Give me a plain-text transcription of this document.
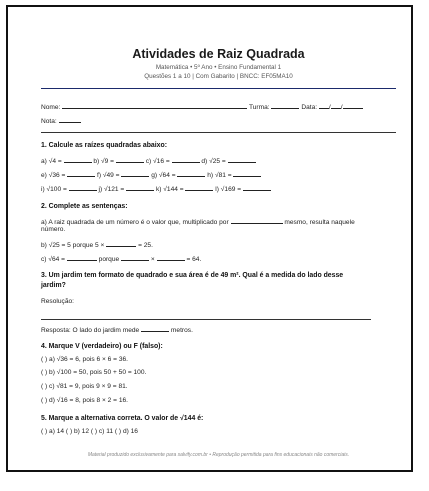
Atividades de Raiz Quadrada
Matemática • 5º Ano • Ensino Fundamental 1
Questões 1 a 10 | Com Gabarito | BNCC: EF05MA10
Nome:	Turma:	Data: / /
Nota:
1. Calcule as raízes quadradas abaixo:
a) √4 =	b) √9 =	c) √16 =	d) √25 =
e) √36 =	f) √49 =	g) √64 =	h) √81 =
i) √100 =	j) √121 =	k) √144 =	l) √169 =
2. Complete as sentenças:
a) A raiz quadrada de um número é o valor que, multiplicado por	mesmo, resulta naquele
número.
b) √25 = 5 porque 5 ×	= 25.
c) √64 =	porque	×	= 64.
3. Um jardim tem formato de quadrado e sua área é de 49 m². Qual é a medida do lado desse
jardim?
Resolução:
Resposta: O lado do jardim mede	metros.
4. Marque V (verdadeiro) ou F (falso):
( ) a) √36 = 6, pois 6 × 6 = 36.
( ) b) √100 = 50, pois 50 + 50 = 100.
( ) c) √81 = 9, pois 9 × 9 = 81.
( ) d) √16 = 8, pois 8 × 2 = 16.
5. Marque a alternativa correta. O valor de √144 é:
( ) a) 14 ( ) b) 12 ( ) c) 11 ( ) d) 16
Material produzido exclusivamente para salvify.com.br • Reprodução permitida para fins educacionais não comerciais.
